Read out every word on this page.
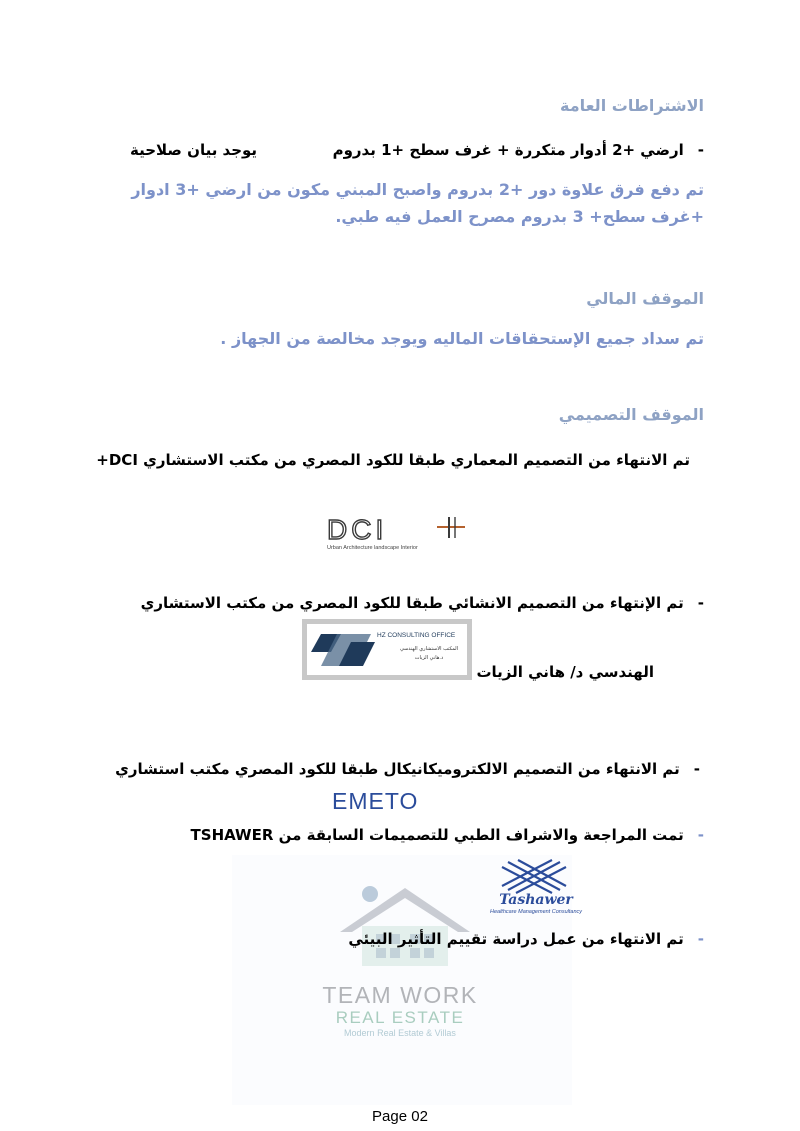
الاشتراطات العامة
-ارضي +2 أدوار متكررة + غرف سطح +1 بدروم
يوجد بيان صلاحية
تم دفع فرق علاوة دور +2 بدروم واصبح المبني مكون من ارضي +3 ادوار
+غرف سطح+ 3 بدروم مصرح العمل فيه طبي.
الموقف المالي
تم سداد جميع الإستحقاقات الماليه ويوجد مخالصة من الجهاز .
الموقف التصميمي
تم الانتهاء من التصميم المعماري طبقا للكود المصري من مكتب الاستشاري DCI+
DCI
Urban Architecture landscape Interior
-تم الإنتهاء من التصميم الانشائي طبقا للكود المصري من مكتب الاستشاري
HZ CONSULTING OFFICE
المكتب الاستشاري الهندسي
د.هاني الزيات
الهندسي د/ هاني الزيات
-تم الانتهاء من التصميم الالكتروميكانيكال طبقا للكود المصري مكتب استشاري
EMETO
-تمت المراجعة والاشراف الطبي للتصميمات السابقة من TSHAWER
Tashawer
Healthcare Management Consultancy
-تم الانتهاء من عمل دراسة تقييم التأثير البيئي
TEAM WORK
REAL ESTATE
Modern Real Estate & Villas
Page 02
